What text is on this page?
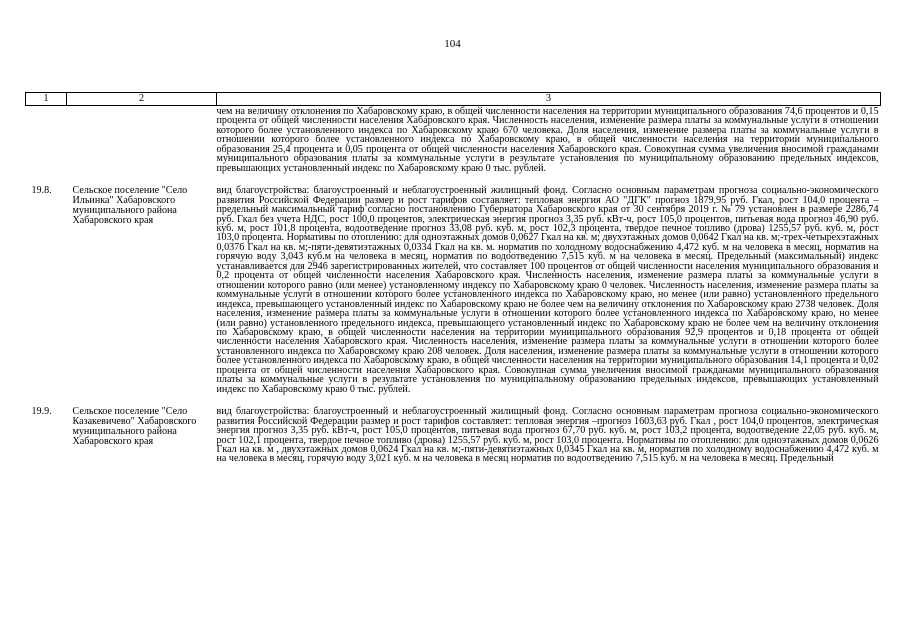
104
1	2	3
		чем на величину отклонения по Хабаровскому краю, в общей численности населения на территории муниципального образования 74,6 процентов и 0,15 процента от общей численности населения Хабаровского края. Численность населения, изменение размера платы за коммунальные услуги в отношении которого более установленного индекса по Хабаровскому краю 670 человека. Доля населения, изменение размера платы за коммунальные услуги в отношении которого более установленного индекса по Хабаровскому краю, в общей численности населения на территории муниципального образования 25,4 процента и 0,05 процента от общей численности населения Хабаровского края. Совокупная сумма увеличения вносимой гражданами муниципального образования платы за коммунальные услуги в результате установления по муниципальному образованию предельных индексов, превышающих установленный индекс по Хабаровскому краю 0 тыс. рублей.
19.8.	Сельское поселение "Село Ильинка" Хабаровского муниципального района Хабаровского края	вид благоустройства: благоустроенный и неблагоустроенный жилищный фонд. Согласно основным параметрам прогноза социально-экономического развития Российской Федерации размер и рост тарифов составляет: тепловая энергия АО "ДГК" прогноз 1879,95 руб. Гкал, рост 104,0 процента – предельный максимальный тариф согласно постановлению Губернатора Хабаровского края от 30 сентября 2019 г. № 79 установлен в размере 2286,74 руб. Гкал без учета НДС, рост 100,0 процентов, электрическая энергия прогноз 3,35 руб. кВт-ч, рост 105,0 процентов, питьевая вода прогноз 46,90 руб. куб. м, рост 101,8 процента, водоотведение прогноз 33,08 руб. куб. м, рост 102,3 процента, твердое печное топливо (дрова) 1255,57 руб. куб. м, рост 103,0 процента. Нормативы по отоплению: для одноэтажных домов 0,0627 Гкал на кв. м; двухэтажных домов 0,0642 Гкал на кв. м;-трех-четырехэтажных 0,0376 Гкал на кв. м;-пяти-девятиэтажных 0,0334 Гкал на кв. м. норматив по холодному водоснабжению 4,472 куб. м на человека в месяц, норматив на горячую воду 3,043 куб.м на человека в месяц, норматив по водоотведению 7,515 куб. м на человека в месяц. Предельный (максимальный) индекс устанавливается для 2946 зарегистрированных жителей, что составляет 100 процентов от общей численности населения муниципального образования и 0,2 процента от общей численности населения Хабаровского края. Численность населения, изменение размера платы за коммунальные услуги в отношении которого равно (или менее) установленному индексу по Хабаровскому краю 0 человек. Численность населения, изменение размера платы за коммунальные услуги в отношении которого более установленного индекса по Хабаровскому краю, но менее (или равно) установленного предельного индекса, превышающего установленный индекс по Хабаровскому краю не более чем на величину отклонения по Хабаровскому краю 2738 человек. Доля населения, изменение размера платы за коммунальные услуги в отношении которого более установленного индекса по Хабаровскому краю, но менее (или равно) установленного предельного индекса, превышающего установленный индекс по Хабаровскому краю не более чем на величину отклонения по Хабаровскому краю, в общей численности населения на территории муниципального образования 92,9 процентов и 0,18 процента от общей численности населения Хабаровского края. Численность населения, изменение размера платы за коммунальные услуги в отношении которого более установленного индекса по Хабаровскому краю 208 человек. Доля населения, изменение размера платы за коммунальные услуги в отношении которого более установленного индекса по Хабаровскому краю, в общей численности населения на территории муниципального образования 14,1 процента и 0,02 процента от общей численности населения Хабаровского края. Совокупная сумма увеличения вносимой гражданами муниципального образования платы за коммунальные услуги в результате установления по муниципальному образованию предельных индексов, превышающих установленный индекс по Хабаровскому краю 0 тыс. рублей.
19.9.	Сельское поселение "Село Казакевичево" Хабаровского муниципального района Хабаровского края	вид благоустройства: благоустроенный и неблагоустроенный жилищный фонд. Согласно основным параметрам прогноза социально-экономического развития Российской Федерации размер и рост тарифов составляет: тепловая энергия –прогноз 1603,63 руб. Гкал , рост 104,0 процентов, электрическая энергия прогноз 3,35 руб. кВт-ч, рост 105,0 процентов, питьевая вода прогноз 67,70 руб. куб. м, рост 103,2 процента, водоотведение 22,05 руб. куб. м, рост 102,1 процента, твердое печное топливо (дрова) 1255,57 руб. куб. м, рост 103,0 процента. Нормативы по отоплению: для одноэтажных домов 0,0626 Гкал на кв. м , двухэтажных домов 0,0624 Гкал на кв. м;-пяти-девятиэтажных 0,0345 Гкал на кв. м, норматив по холодному водоснабжению 4,472 куб. м на человека в месяц, горячую воду 3,021 куб. м на человека в месяц норматив по водоотведению 7,515 куб. м на человека в месяц. Предельный
